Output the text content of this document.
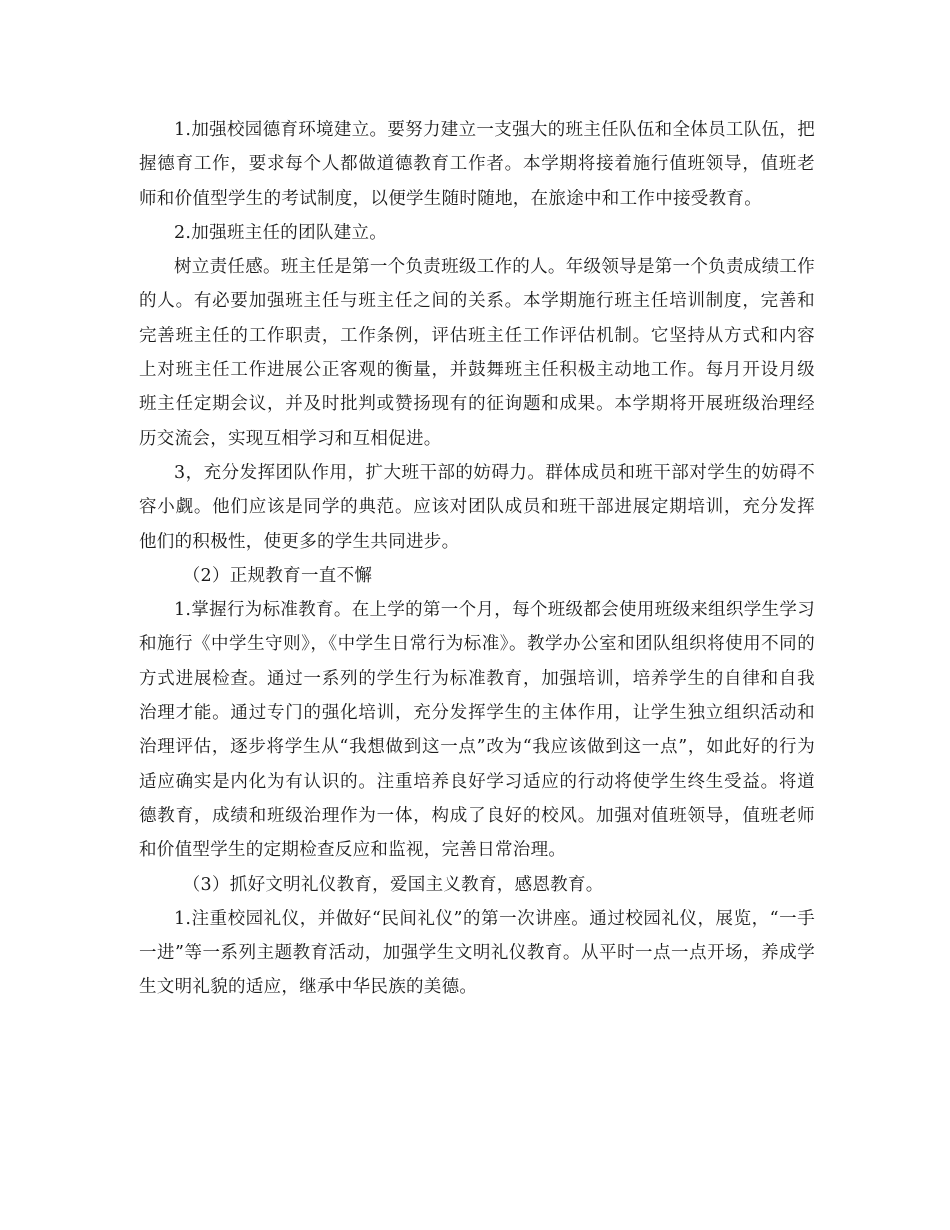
1.加强校园德育环境建立。要努力建立一支强大的班主任队伍和全体员工队伍，把握德育工作，要求每个人都做道德教育工作者。本学期将接着施行值班领导，值班老师和价值型学生的考试制度，以便学生随时随地，在旅途中和工作中接受教育。

2.加强班主任的团队建立。

树立责任感。班主任是第一个负责班级工作的人。年级领导是第一个负责成绩工作的人。有必要加强班主任与班主任之间的关系。本学期施行班主任培训制度，完善和完善班主任的工作职责，工作条例，评估班主任工作评估机制。它坚持从方式和内容上对班主任工作进展公正客观的衡量，并鼓舞班主任积极主动地工作。每月开设月级班主任定期会议，并及时批判或赞扬现有的征询题和成果。本学期将开展班级治理经历交流会，实现互相学习和互相促进。

3，充分发挥团队作用，扩大班干部的妨碍力。群体成员和班干部对学生的妨碍不容小觑。他们应该是同学的典范。应该对团队成员和班干部进展定期培训，充分发挥他们的积极性，使更多的学生共同进步。

（2）正规教育一直不懈

1.掌握行为标准教育。在上学的第一个月，每个班级都会使用班级来组织学生学习和施行《中学生守则》，《中学生日常行为标准》。教学办公室和团队组织将使用不同的方式进展检查。通过一系列的学生行为标准教育，加强培训，培养学生的自律和自我治理才能。通过专门的强化培训，充分发挥学生的主体作用，让学生独立组织活动和治理评估，逐步将学生从“我想做到这一点”改为“我应该做到这一点”，如此好的行为适应确实是内化为有认识的。注重培养良好学习适应的行动将使学生终生受益。将道德教育，成绩和班级治理作为一体，构成了良好的校风。加强对值班领导，值班老师和价值型学生的定期检查反应和监视，完善日常治理。

（3）抓好文明礼仪教育，爱国主义教育，感恩教育。

1.注重校园礼仪，并做好“民间礼仪”的第一次讲座。通过校园礼仪，展览，“一手一进”等一系列主题教育活动，加强学生文明礼仪教育。从平时一点一点开场，养成学生文明礼貌的适应，继承中华民族的美德。
